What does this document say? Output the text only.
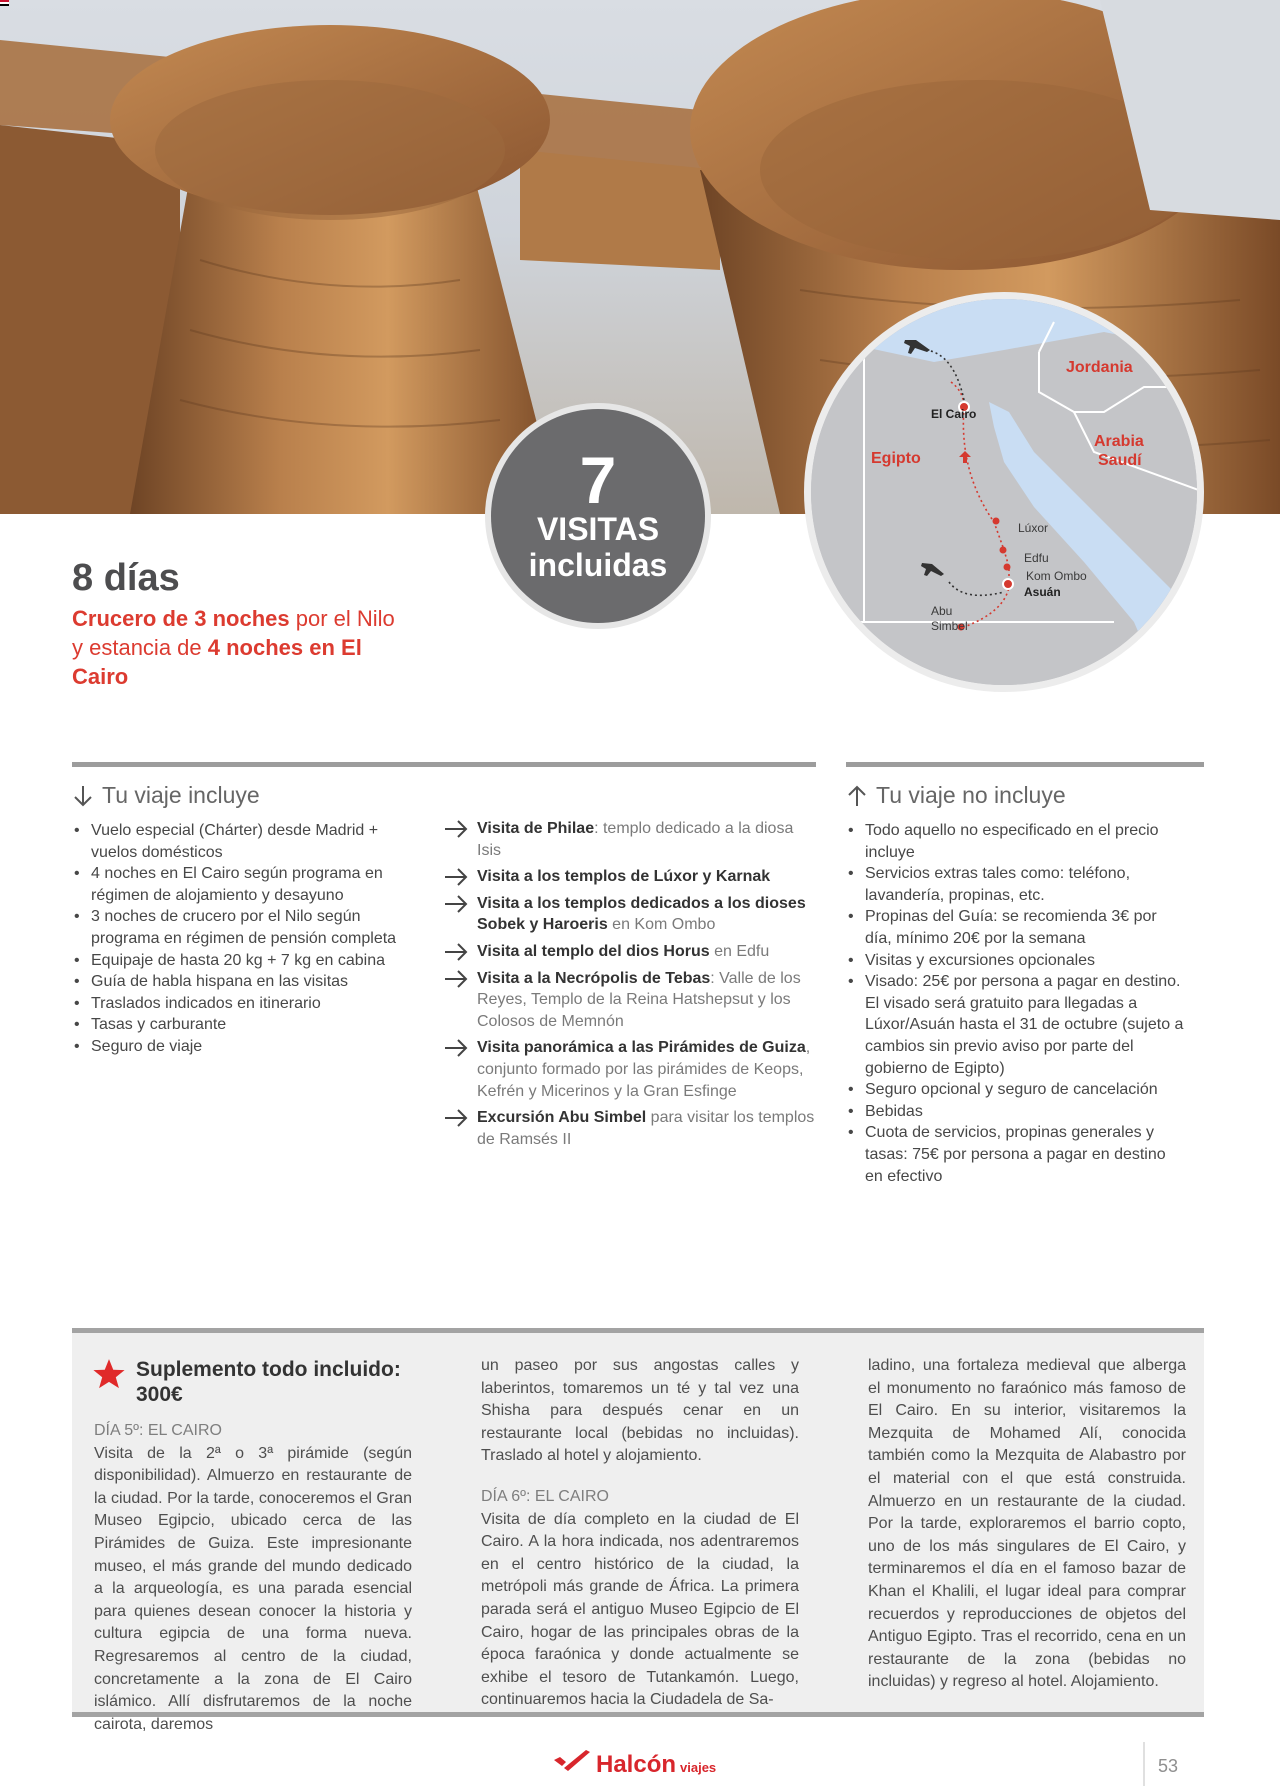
7
VISITAS
incluidas
Jordania
Arabia
Saudí
Egipto
El Cairo
Lúxor
Edfu
Kom Ombo
Asuán
Abu
Simbel
8 días
Crucero de 3 noches por el Nilo y estancia de 4 noches en El Cairo
Tu viaje incluye
• Vuelo especial (Chárter) desde Madrid + vuelos domésticos
• 4 noches en El Cairo según programa en régimen de alojamiento y desayuno
• 3 noches de crucero por el Nilo según programa en régimen de pensión completa
• Equipaje de hasta 20 kg + 7 kg en cabina
• Guía de habla hispana en las visitas
• Traslados indicados en itinerario
• Tasas y carburante
• Seguro de viaje
Visita de Philae: templo dedicado a la diosa Isis
Visita a los templos de Lúxor y Karnak
Visita a los templos dedicados a los dioses Sobek y Haroeris en Kom Ombo
Visita al templo del dios Horus en Edfu
Visita a la Necrópolis de Tebas: Valle de los Reyes, Templo de la Reina Hatshepsut y los Colosos de Memnón
Visita panorámica a las Pirámides de Guiza, conjunto formado por las pirámides de Keops, Kefrén y Micerinos y la Gran Esfinge
Excursión Abu Simbel para visitar los templos de Ramsés II
Tu viaje no incluye
• Todo aquello no especificado en el precio incluye
• Servicios extras tales como: teléfono, lavandería, propinas, etc.
• Propinas del Guía: se recomienda 3€ por día, mínimo 20€ por la semana
• Visitas y excursiones opcionales
• Visado: 25€ por persona a pagar en destino. El visado será gratuito para llegadas a Lúxor/Asuán hasta el 31 de octubre (sujeto a cambios sin previo aviso por parte del gobierno de Egipto)
• Seguro opcional y seguro de cancelación
• Bebidas
• Cuota de servicios, propinas generales y tasas: 75€ por persona a pagar en destino en efectivo
Suplemento todo incluido: 300€
DÍA 5º: EL CAIRO
Visita de la 2ª o 3ª pirámide (según disponibilidad). Almuerzo en restaurante de la ciudad. Por la tarde, conoceremos el Gran Museo Egipcio, ubicado cerca de las Pirámides de Guiza. Este impresionante museo, el más grande del mundo dedicado a la arqueología, es una parada esencial para quienes desean conocer la historia y cultura egipcia de una forma nueva. Regresaremos al centro de la ciudad, concretamente a la zona de El Cairo islámico. Allí disfrutaremos de la noche cairota, daremos
un paseo por sus angostas calles y laberintos, tomaremos un té y tal vez una Shisha para después cenar en un restaurante local (bebidas no incluidas). Traslado al hotel y alojamiento.
DÍA 6º: EL CAIRO
Visita de día completo en la ciudad de El Cairo. A la hora indicada, nos adentraremos en el centro histórico de la ciudad, la metrópoli más grande de África. La primera parada será el antiguo Museo Egipcio de El Cairo, hogar de las principales obras de la época faraónica y donde actualmente se exhibe el tesoro de Tutankamón. Luego, continuaremos hacia la Ciudadela de Sa-
ladino, una fortaleza medieval que alberga el monumento no faraónico más famoso de El Cairo. En su interior, visitaremos la Mezquita de Mohamed Alí, conocida también como la Mezquita de Alabastro por el material con el que está construida. Almuerzo en un restaurante de la ciudad. Por la tarde, exploraremos el barrio copto, uno de los más singulares de El Cairo, y terminaremos el día en el famoso bazar de Khan el Khalili, el lugar ideal para comprar recuerdos y reproducciones de objetos del Antiguo Egipto. Tras el recorrido, cena en un restaurante de la zona (bebidas no incluidas) y regreso al hotel. Alojamiento.
Halcón viajes	53
